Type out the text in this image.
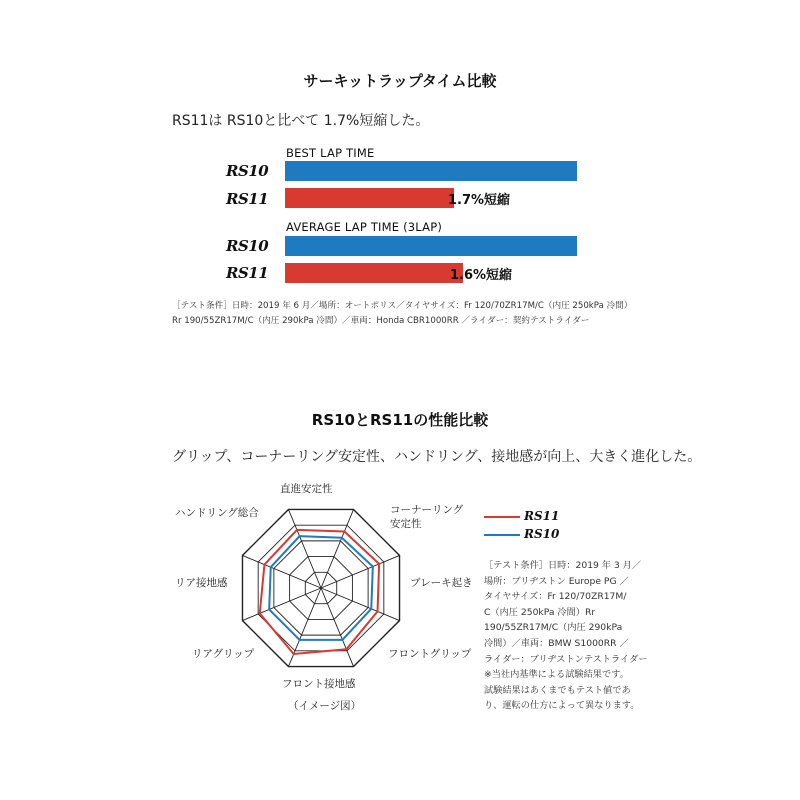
サーキットラップタイム比較
RS11は RS10と比べて 1.7%短縮した。
BEST LAP TIME
RS10
RS11	1.7%短縮
AVERAGE LAP TIME (3LAP)
RS10
RS11	1.6%短縮
［テスト条件］日時：2019 年 6 月／場所：オートポリス／タイヤサイズ：Fr 120/70ZR17M/C（内圧 250kPa 冷間）
Rr 190/55ZR17M/C（内圧 290kPa 冷間）／車両：Honda CBR1000RR ／ライダー：契約テストライダー
RS10とRS11の性能比較
グリップ、コーナーリング安定性、ハンドリング、接地感が向上、大きく進化した。
直進安定性
コーナーリング
安定性
ブレーキ起き
フロントグリップ
フロント接地感
リアグリップ
リア接地感
ハンドリング総合
（イメージ図）
RS11
RS10
［テスト条件］日時：2019 年 3 月／
場所：ブリヂストン Europe PG ／
タイヤサイズ：Fr 120/70ZR17M/
C（内圧 250kPa 冷間）Rr
190/55ZR17M/C（内圧 290kPa
冷間）／車両：BMW S1000RR ／
ライダー：ブリヂストンテストライダー
※当社内基準による試験結果です。
試験結果はあくまでもテスト値であ
り、運転の仕方によって異なります。
